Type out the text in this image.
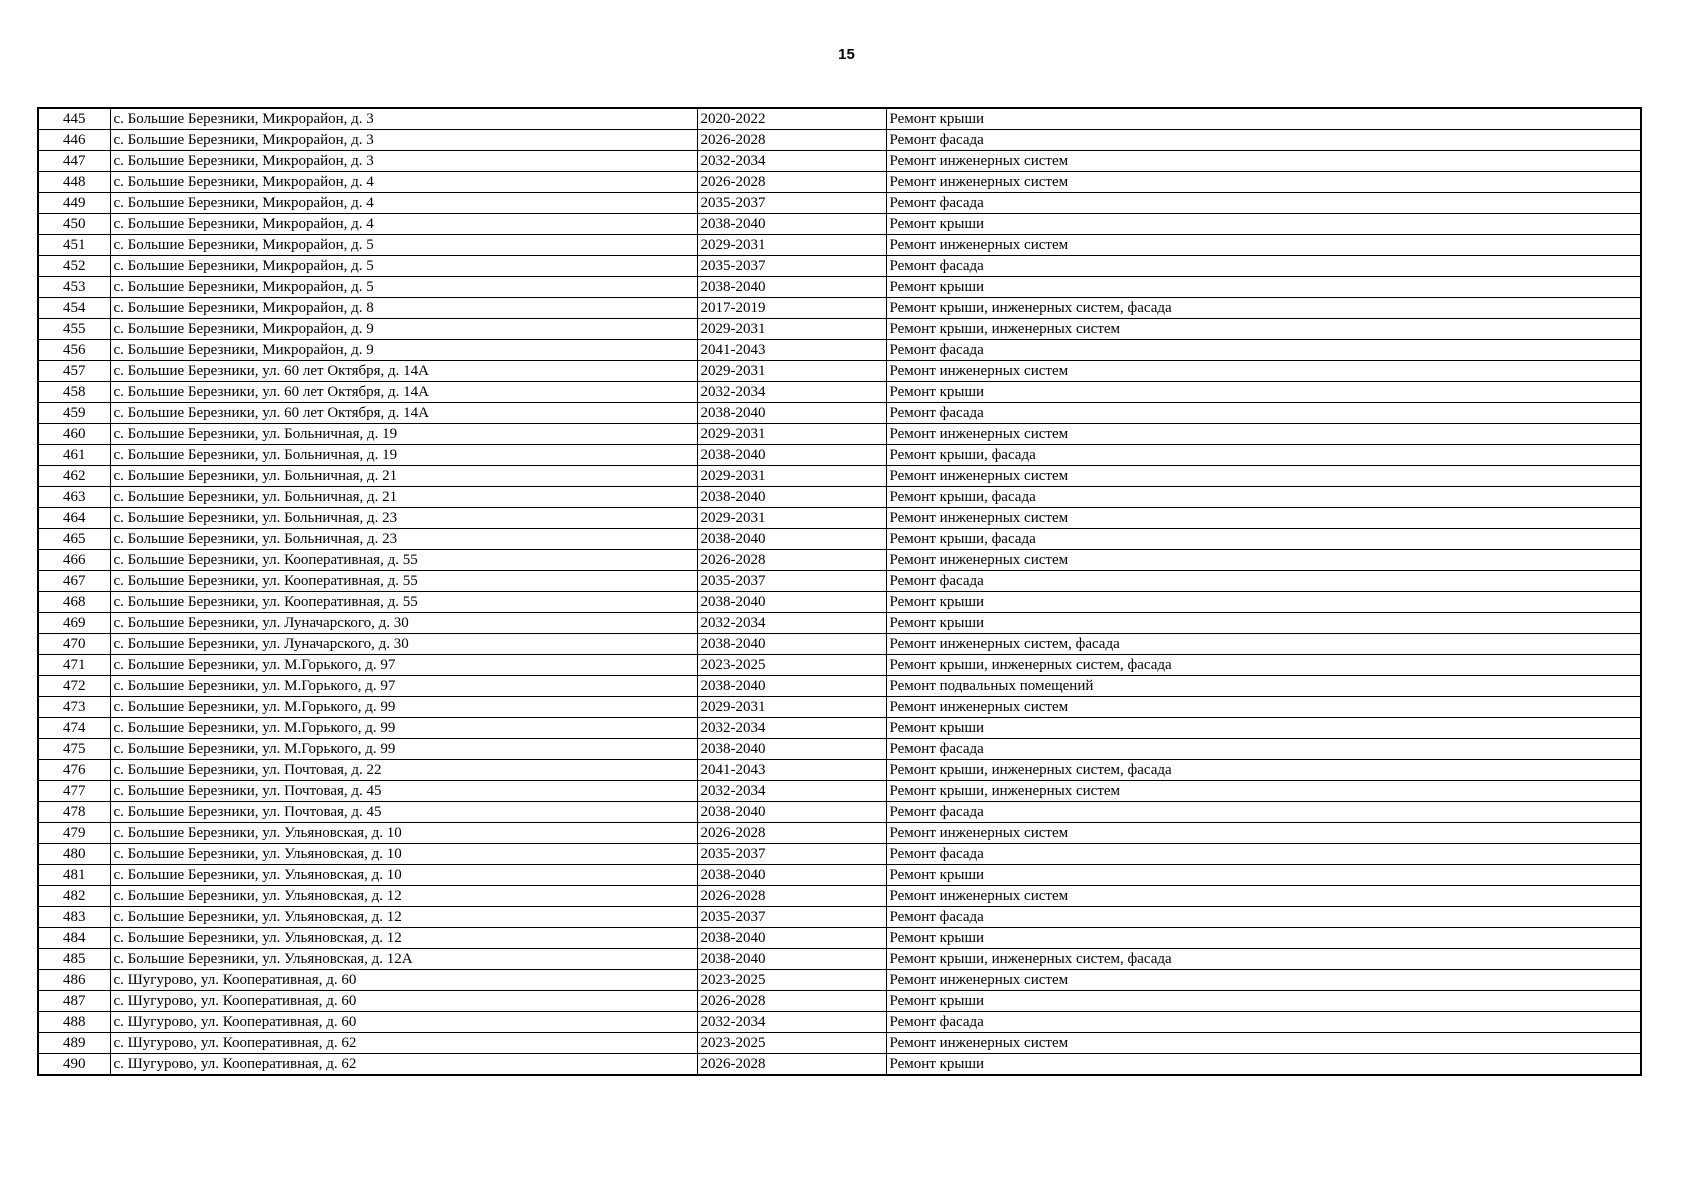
15
445	с. Большие Березники, Микрорайон, д. 3	2020-2022	Ремонт крыши
446	с. Большие Березники, Микрорайон, д. 3	2026-2028	Ремонт фасада
447	с. Большие Березники, Микрорайон, д. 3	2032-2034	Ремонт инженерных систем
448	с. Большие Березники, Микрорайон, д. 4	2026-2028	Ремонт инженерных систем
449	с. Большие Березники, Микрорайон, д. 4	2035-2037	Ремонт фасада
450	с. Большие Березники, Микрорайон, д. 4	2038-2040	Ремонт крыши
451	с. Большие Березники, Микрорайон, д. 5	2029-2031	Ремонт инженерных систем
452	с. Большие Березники, Микрорайон, д. 5	2035-2037	Ремонт фасада
453	с. Большие Березники, Микрорайон, д. 5	2038-2040	Ремонт крыши
454	с. Большие Березники, Микрорайон, д. 8	2017-2019	Ремонт крыши, инженерных систем, фасада
455	с. Большие Березники, Микрорайон, д. 9	2029-2031	Ремонт крыши, инженерных систем
456	с. Большие Березники, Микрорайон, д. 9	2041-2043	Ремонт фасада
457	с. Большие Березники, ул. 60 лет Октября, д. 14А	2029-2031	Ремонт инженерных систем
458	с. Большие Березники, ул. 60 лет Октября, д. 14А	2032-2034	Ремонт крыши
459	с. Большие Березники, ул. 60 лет Октября, д. 14А	2038-2040	Ремонт фасада
460	с. Большие Березники, ул. Больничная, д. 19	2029-2031	Ремонт инженерных систем
461	с. Большие Березники, ул. Больничная, д. 19	2038-2040	Ремонт крыши, фасада
462	с. Большие Березники, ул. Больничная, д. 21	2029-2031	Ремонт инженерных систем
463	с. Большие Березники, ул. Больничная, д. 21	2038-2040	Ремонт крыши, фасада
464	с. Большие Березники, ул. Больничная, д. 23	2029-2031	Ремонт инженерных систем
465	с. Большие Березники, ул. Больничная, д. 23	2038-2040	Ремонт крыши, фасада
466	с. Большие Березники, ул. Кооперативная, д. 55	2026-2028	Ремонт инженерных систем
467	с. Большие Березники, ул. Кооперативная, д. 55	2035-2037	Ремонт фасада
468	с. Большие Березники, ул. Кооперативная, д. 55	2038-2040	Ремонт крыши
469	с. Большие Березники, ул. Луначарского, д. 30	2032-2034	Ремонт крыши
470	с. Большие Березники, ул. Луначарского, д. 30	2038-2040	Ремонт инженерных систем, фасада
471	с. Большие Березники, ул. М.Горького, д. 97	2023-2025	Ремонт крыши, инженерных систем, фасада
472	с. Большие Березники, ул. М.Горького, д. 97	2038-2040	Ремонт подвальных помещений
473	с. Большие Березники, ул. М.Горького, д. 99	2029-2031	Ремонт инженерных систем
474	с. Большие Березники, ул. М.Горького, д. 99	2032-2034	Ремонт крыши
475	с. Большие Березники, ул. М.Горького, д. 99	2038-2040	Ремонт фасада
476	с. Большие Березники, ул. Почтовая, д. 22	2041-2043	Ремонт крыши, инженерных систем, фасада
477	с. Большие Березники, ул. Почтовая, д. 45	2032-2034	Ремонт крыши, инженерных систем
478	с. Большие Березники, ул. Почтовая, д. 45	2038-2040	Ремонт фасада
479	с. Большие Березники, ул. Ульяновская, д. 10	2026-2028	Ремонт инженерных систем
480	с. Большие Березники, ул. Ульяновская, д. 10	2035-2037	Ремонт фасада
481	с. Большие Березники, ул. Ульяновская, д. 10	2038-2040	Ремонт крыши
482	с. Большие Березники, ул. Ульяновская, д. 12	2026-2028	Ремонт инженерных систем
483	с. Большие Березники, ул. Ульяновская, д. 12	2035-2037	Ремонт фасада
484	с. Большие Березники, ул. Ульяновская, д. 12	2038-2040	Ремонт крыши
485	с. Большие Березники, ул. Ульяновская, д. 12А	2038-2040	Ремонт крыши, инженерных систем, фасада
486	с. Шугурово, ул. Кооперативная, д. 60	2023-2025	Ремонт инженерных систем
487	с. Шугурово, ул. Кооперативная, д. 60	2026-2028	Ремонт крыши
488	с. Шугурово, ул. Кооперативная, д. 60	2032-2034	Ремонт фасада
489	с. Шугурово, ул. Кооперативная, д. 62	2023-2025	Ремонт инженерных систем
490	с. Шугурово, ул. Кооперативная, д. 62	2026-2028	Ремонт крыши
